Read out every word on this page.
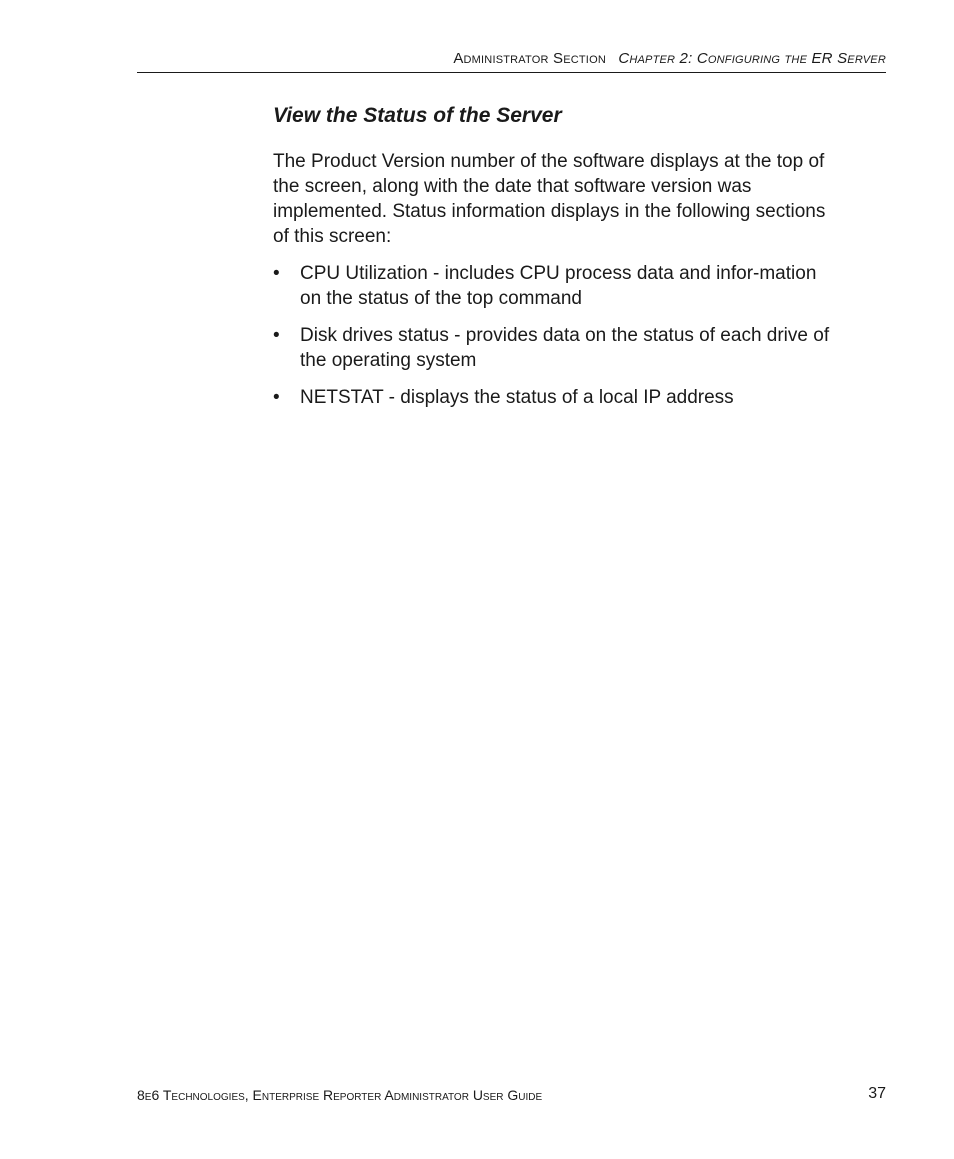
Administrator Section Chapter 2: Configuring the ER Server
View the Status of the Server

The Product Version number of the software displays at the top of the screen, along with the date that software version was implemented. Status information displays in the following sections of this screen:

• CPU Utilization - includes CPU process data and infor-mation on the status of the top command
• Disk drives status - provides data on the status of each drive of the operating system
• NETSTAT - displays the status of a local IP address
8e6 Technologies, Enterprise Reporter Administrator User Guide	37
